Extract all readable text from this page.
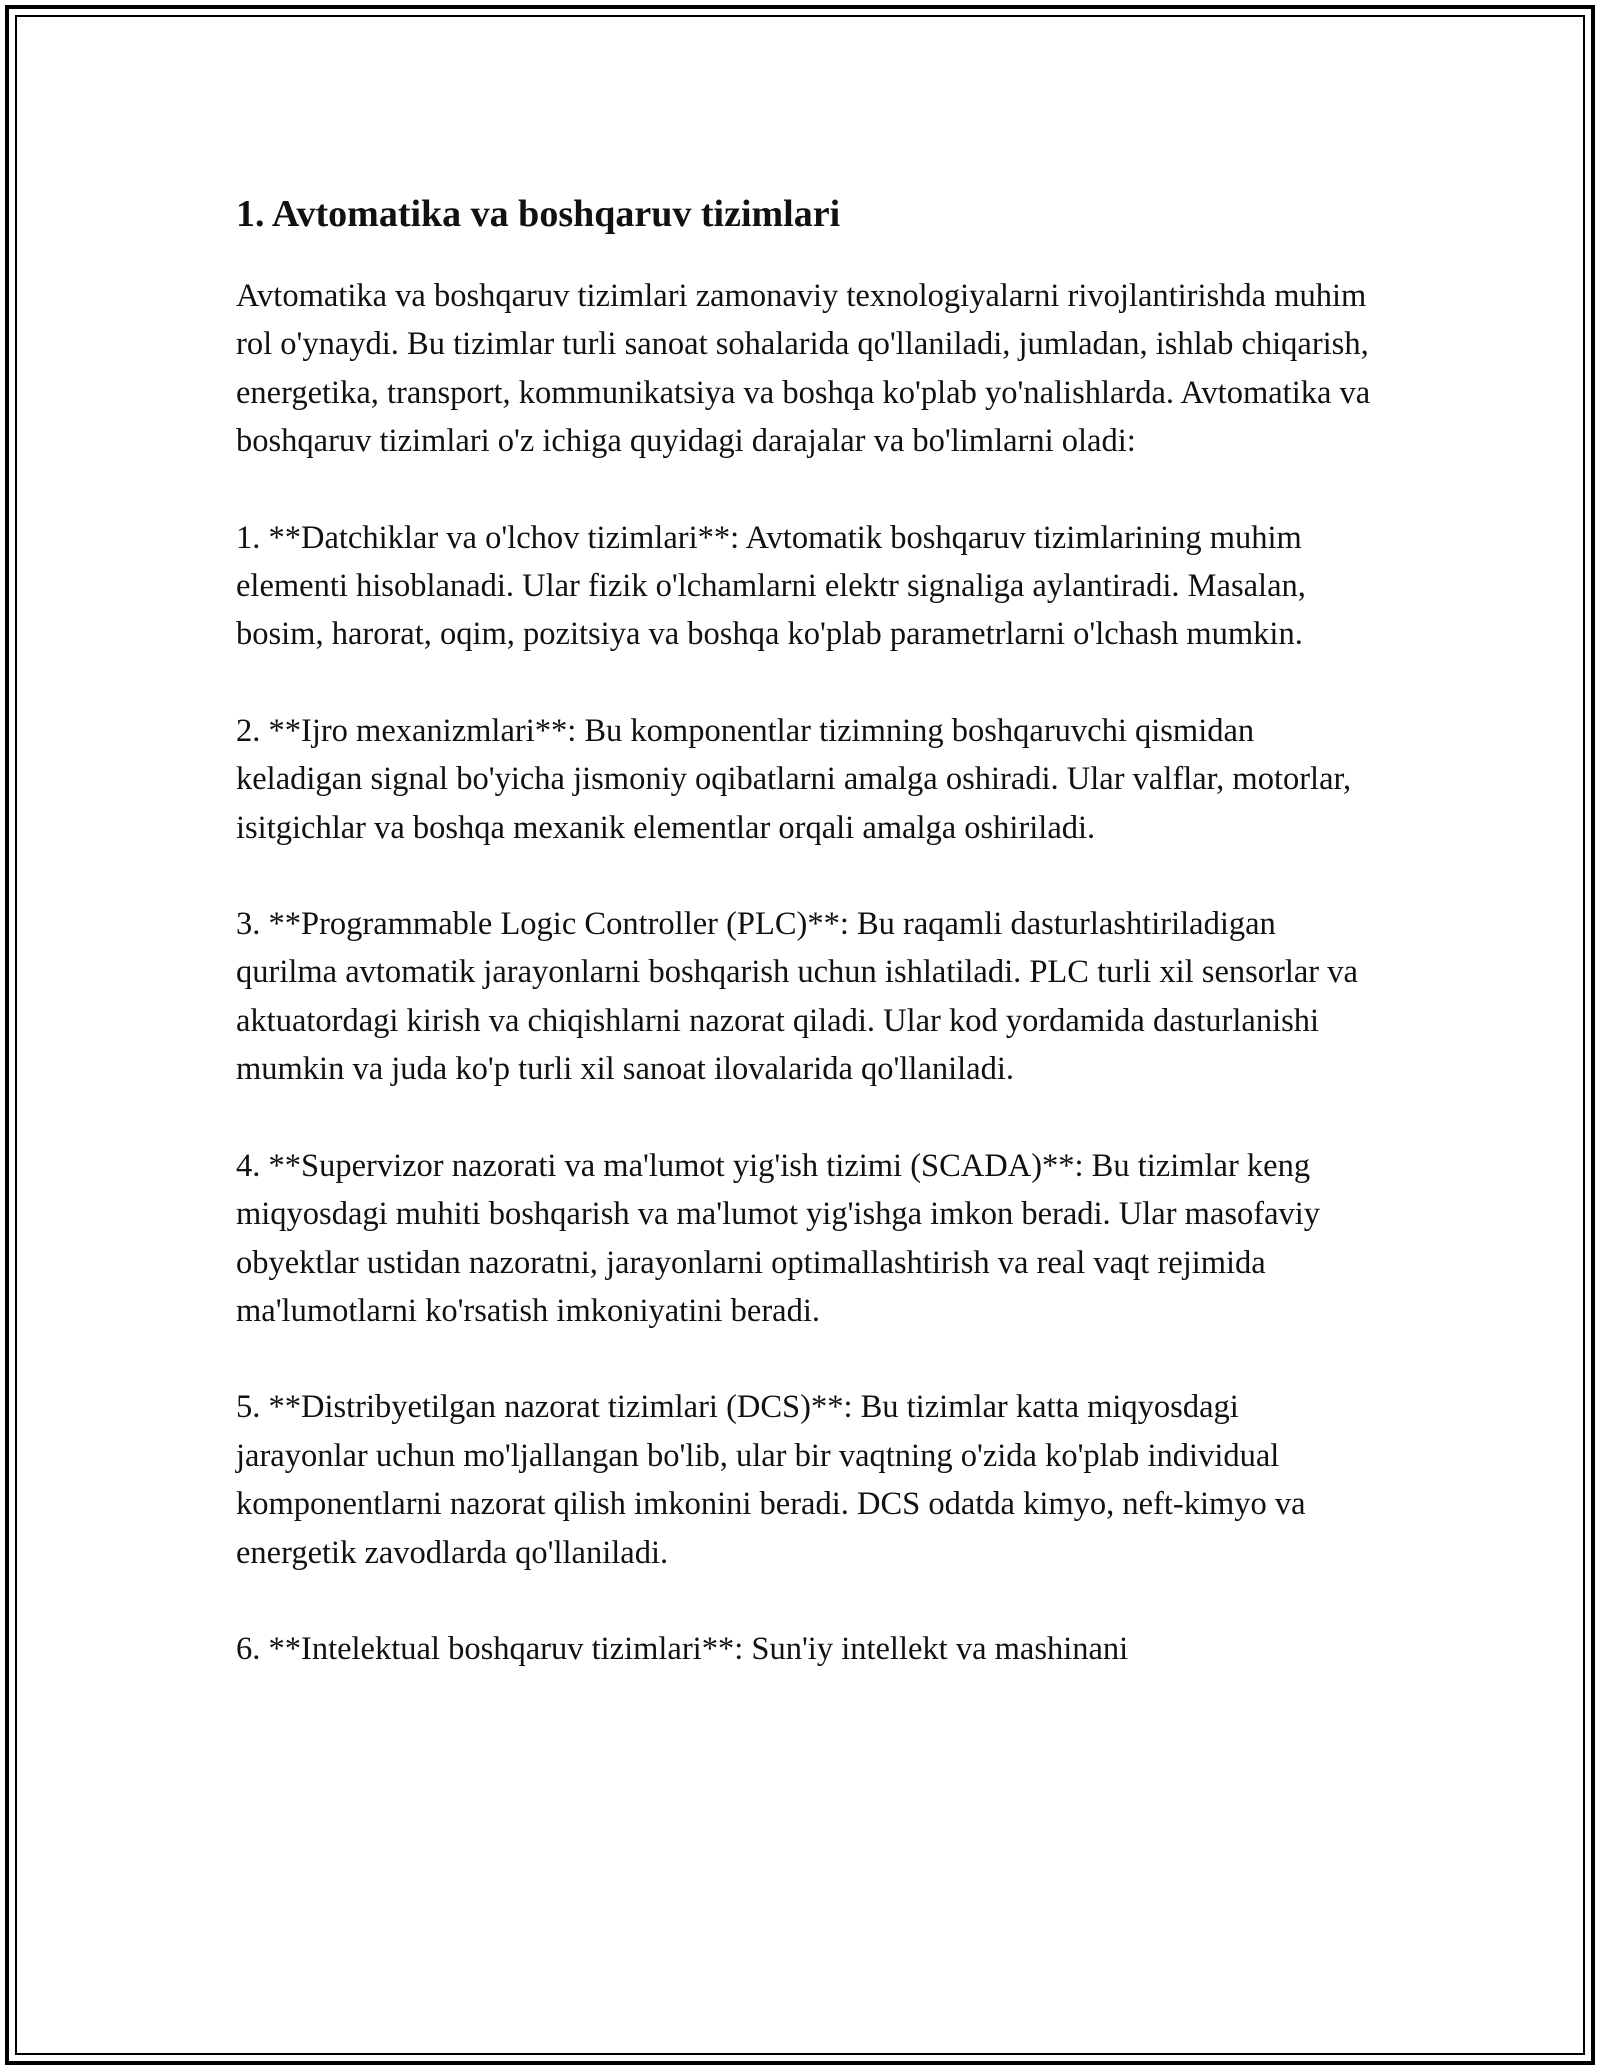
1. Avtomatika va boshqaruv tizimlari

Avtomatika va boshqaruv tizimlari zamonaviy texnologiyalarni rivojlantirishda muhim rol o'ynaydi. Bu tizimlar turli sanoat sohalarida qo'llaniladi, jumladan, ishlab chiqarish, energetika, transport, kommunikatsiya va boshqa ko'plab yo'nalishlarda. Avtomatika va boshqaruv tizimlari o'z ichiga quyidagi darajalar va bo'limlarni oladi:

1. **Datchiklar va o'lchov tizimlari**: Avtomatik boshqaruv tizimlarining muhim elementi hisoblanadi. Ular fizik o'lchamlarni elektr signaliga aylantiradi. Masalan, bosim, harorat, oqim, pozitsiya va boshqa ko'plab parametrlarni o'lchash mumkin.

2. **Ijro mexanizmlari**: Bu komponentlar tizimning boshqaruvchi qismidan keladigan signal bo'yicha jismoniy oqibatlarni amalga oshiradi. Ular valflar, motorlar, isitgichlar va boshqa mexanik elementlar orqali amalga oshiriladi.

3. **Programmable Logic Controller (PLC)**: Bu raqamli dasturlashtiriladigan qurilma avtomatik jarayonlarni boshqarish uchun ishlatiladi. PLC turli xil sensorlar va aktuatordagi kirish va chiqishlarni nazorat qiladi. Ular kod yordamida dasturlanishi mumkin va juda ko'p turli xil sanoat ilovalarida qo'llaniladi.

4. **Supervizor nazorati va ma'lumot yig'ish tizimi (SCADA)**: Bu tizimlar keng miqyosdagi muhiti boshqarish va ma'lumot yig'ishga imkon beradi. Ular masofaviy obyektlar ustidan nazoratni, jarayonlarni optimallashtirish va real vaqt rejimida ma'lumotlarni ko'rsatish imkoniyatini beradi.

5. **Distribyetilgan nazorat tizimlari (DCS)**: Bu tizimlar katta miqyosdagi jarayonlar uchun mo'ljallangan bo'lib, ular bir vaqtning o'zida ko'plab individual komponentlarni nazorat qilish imkonini beradi. DCS odatda kimyo, neft-kimyo va energetik zavodlarda qo'llaniladi.

6. **Intelektual boshqaruv tizimlari**: Sun'iy intellekt va mashinani
